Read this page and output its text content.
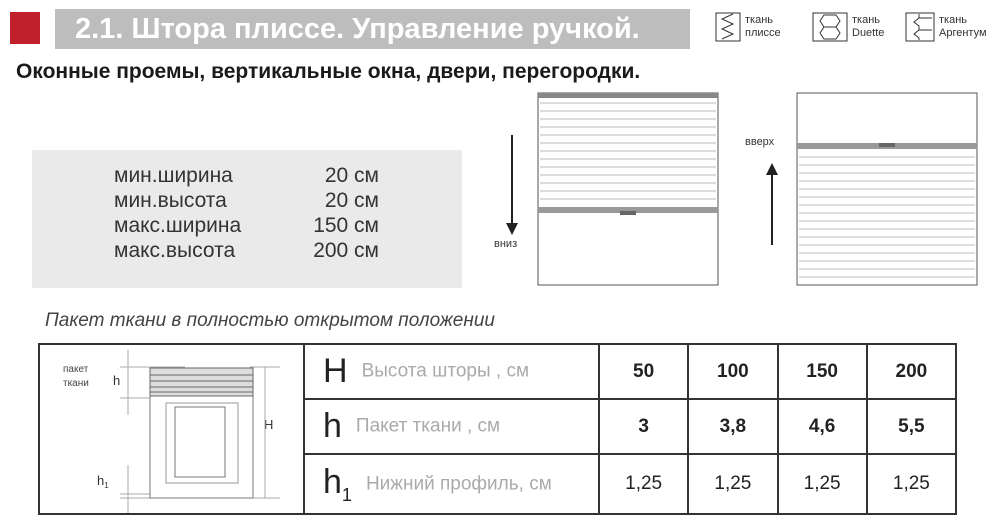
2.1. Штора плиссе. Управление ручкой.	ткань
плиссе
ткань
Duette
ткань
Аргентум
Оконные проемы, вертикальные окна, двери, перегородки.
мин.ширина	20 см
мин.высота	20 см
макс.ширина	150 см
макс.высота	200 см	вниз
вверх
Пакет ткани в полностью открытом положении
пакет
ткани h
H
$h_1$	H Высота шторы , см	50	100	150	200
	h Пакет ткани , см	3	3,8	4,6	5,5
	$h_1Нижний$ профиль, см	1,25	1,25	1,25	1,25
